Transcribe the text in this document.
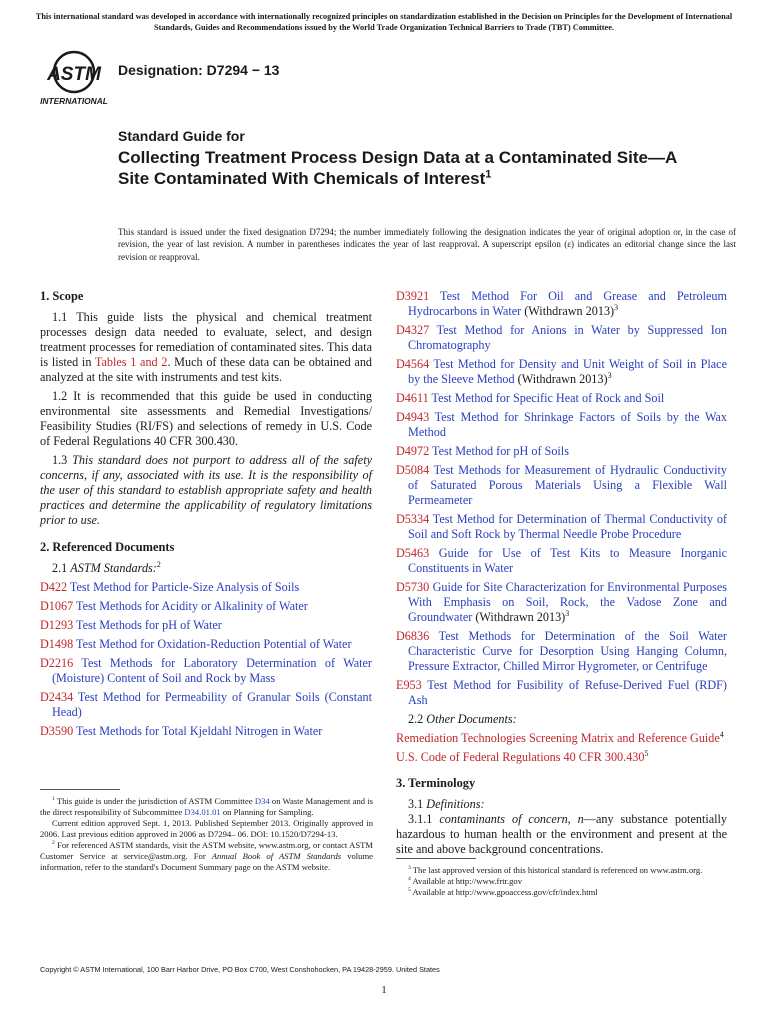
This international standard was developed in accordance with internationally recognized principles on standardization established in the Decision on Principles for the Development of International Standards, Guides and Recommendations issued by the World Trade Organization Technical Barriers to Trade (TBT) Committee.
ASTM
INTERNATIONAL
Designation: D7294 − 13
Standard Guide for
Collecting Treatment Process Design Data at a Contaminated Site—A Site Contaminated With Chemicals of Interest$^1$
This standard is issued under the fixed designation D7294; the number immediately following the designation indicates the year of original adoption or, in the case of revision, the year of last revision. A number in parentheses indicates the year of last reapproval. A superscript epsilon (ε) indicates an editorial change since the last revision or reapproval.
1. Scope

1.1 This guide lists the physical and chemical treatment processes design data needed to evaluate, select, and design treatment processes for remediation of contaminated sites. This data is listed in Tables 1 and 2. Much of these data can be obtained and analyzed at the site with instruments and test kits.

1.2 It is recommended that this guide be used in conducting environmental site assessments and Remedial Investigations/ Feasibility Studies (RI/FS) and selections of remedy in U.S. Code of Federal Regulations 40 CFR 300.430.

1.3 This standard does not purport to address all of the safety concerns, if any, associated with its use. It is the responsibility of the user of this standard to establish appropriate safety and health practices and determine the applicability of regulatory limitations prior to use.

2. Referenced Documents

2.1 ASTM Standards:$^2$

D422 Test Method for Particle-Size Analysis of Soils

D1067 Test Methods for Acidity or Alkalinity of Water

D1293 Test Methods for pH of Water

D1498 Test Method for Oxidation-Reduction Potential of Water

D2216 Test Methods for Laboratory Determination of Water (Moisture) Content of Soil and Rock by Mass

D2434 Test Method for Permeability of Granular Soils (Constant Head)

D3590 Test Methods for Total Kjeldahl Nitrogen in Water

D3921 Test Method For Oil and Grease and Petroleum Hydrocarbons in Water (Withdrawn 2013)$^3$

D4327 Test Method for Anions in Water by Suppressed Ion Chromatography

D4564 Test Method for Density and Unit Weight of Soil in Place by the Sleeve Method (Withdrawn 2013)$^3$

D4611 Test Method for Specific Heat of Rock and Soil

D4943 Test Method for Shrinkage Factors of Soils by the Wax Method

D4972 Test Method for pH of Soils

D5084 Test Methods for Measurement of Hydraulic Conductivity of Saturated Porous Materials Using a Flexible Wall Permeameter

D5334 Test Method for Determination of Thermal Conductivity of Soil and Soft Rock by Thermal Needle Probe Procedure

D5463 Guide for Use of Test Kits to Measure Inorganic Constituents in Water

D5730 Guide for Site Characterization for Environmental Purposes With Emphasis on Soil, Rock, the Vadose Zone and Groundwater (Withdrawn 2013)$^3$

D6836 Test Methods for Determination of the Soil Water Characteristic Curve for Desorption Using Hanging Column, Pressure Extractor, Chilled Mirror Hygrometer, or Centrifuge

E953 Test Method for Fusibility of Refuse-Derived Fuel (RDF) Ash

2.2 Other Documents:

Remediation Technologies Screening Matrix and Reference Guide$^4$

U.S. Code of Federal Regulations 40 CFR 300.430$^5$

3. Terminology

3.1 Definitions:

3.1.1 contaminants of concern, n—any substance potentially hazardous to human health or the environment and present at the site and above background concentrations.

$^1$ This guide is under the jurisdiction of ASTM Committee D34 on Waste Management and is the direct responsibility of Subcommittee D34.01.01 on Planning for Sampling.

Current edition approved Sept. 1, 2013. Published September 2013. Originally approved in 2006. Last previous edition approved in 2006 as D7294– 06. DOI: 10.1520/D7294-13.

$^2$ For referenced ASTM standards, visit the ASTM website, www.astm.org, or contact ASTM Customer Service at service@astm.org. For Annual Book of ASTM Standards volume information, refer to the standard's Document Summary page on the ASTM website.	$^3$ The last approved version of this historical standard is referenced on www.astm.org.

$^4$ Available at http://www.frtr.gov

$^5$ Available at http://www.gpoaccess.gov/cfr/index.html

Copyright © ASTM International, 100 Barr Harbor Drive, PO Box C700, West Conshohocken, PA 19428-2959. United States
1
